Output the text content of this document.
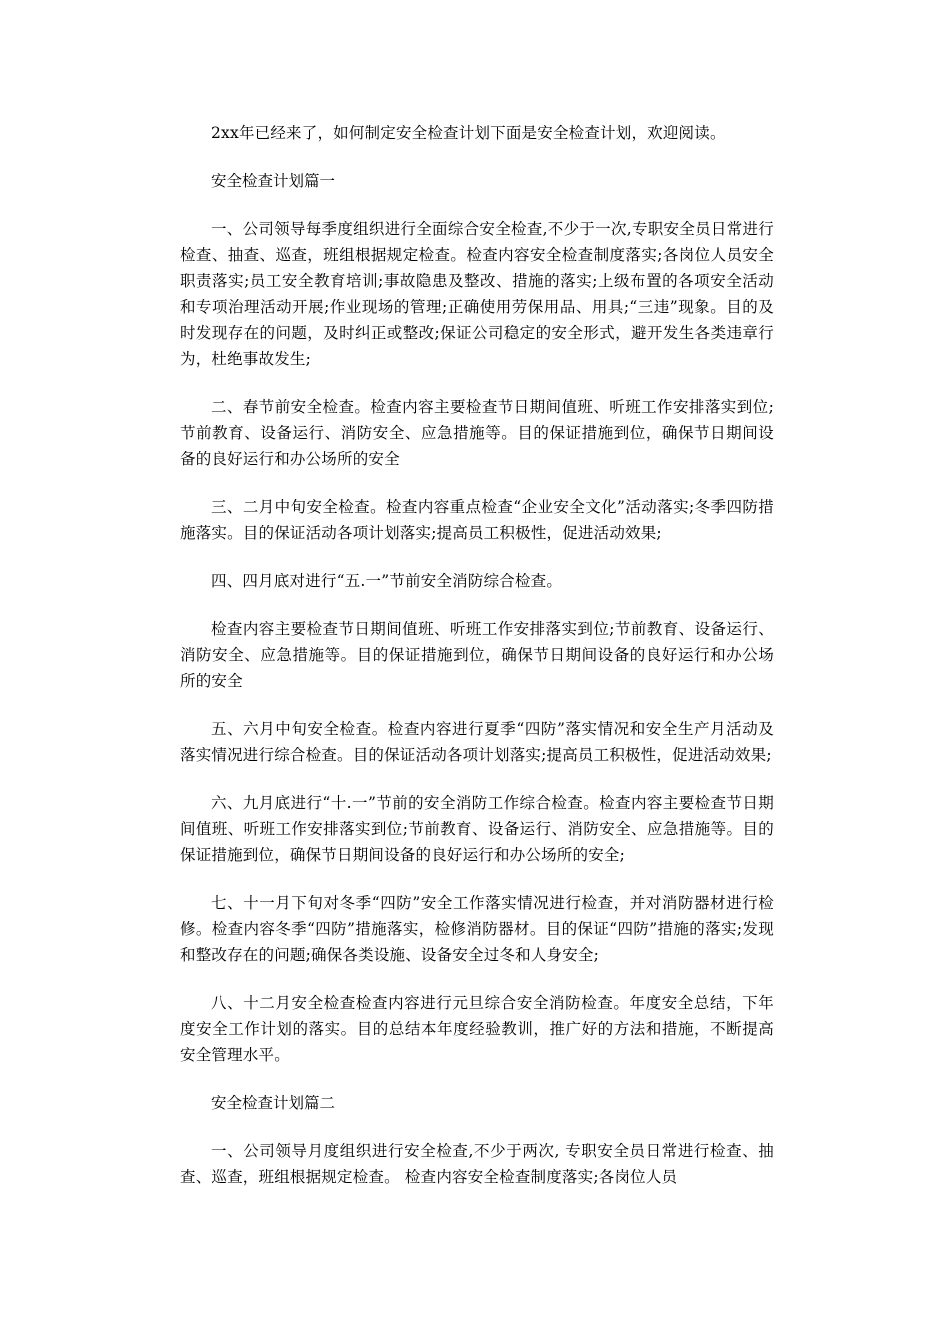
2xx年已经来了，如何制定安全检查计划下面是安全检查计划，欢迎阅读。

安全检查计划篇一

一、公司领导每季度组织进行全面综合安全检查,不少于一次,专职安全员日常进行检查、抽查、巡查，班组根据规定检查。检查内容安全检查制度落实;各岗位人员安全职责落实;员工安全教育培训;事故隐患及整改、措施的落实;上级布置的各项安全活动和专项治理活动开展;作业现场的管理;正确使用劳保用品、用具;“三违”现象。目的及时发现存在的问题，及时纠正或整改;保证公司稳定的安全形式，避开发生各类违章行为，杜绝事故发生;

二、春节前安全检查。检查内容主要检查节日期间值班、听班工作安排落实到位;节前教育、设备运行、消防安全、应急措施等。目的保证措施到位，确保节日期间设备的良好运行和办公场所的安全

三、二月中旬安全检查。检查内容重点检查“企业安全文化”活动落实;冬季四防措施落实。目的保证活动各项计划落实;提高员工积极性，促进活动效果;

四、四月底对进行“五.一”节前安全消防综合检查。

检查内容主要检查节日期间值班、听班工作安排落实到位;节前教育、设备运行、消防安全、应急措施等。目的保证措施到位，确保节日期间设备的良好运行和办公场所的安全

五、六月中旬安全检查。检查内容进行夏季“四防”落实情况和安全生产月活动及落实情况进行综合检查。目的保证活动各项计划落实;提高员工积极性，促进活动效果;

六、九月底进行“十.一”节前的安全消防工作综合检查。检查内容主要检查节日期间值班、听班工作安排落实到位;节前教育、设备运行、消防安全、应急措施等。目的保证措施到位，确保节日期间设备的良好运行和办公场所的安全;

七、十一月下旬对冬季“四防”安全工作落实情况进行检查，并对消防器材进行检修。检查内容冬季“四防”措施落实，检修消防器材。目的保证“四防”措施的落实;发现和整改存在的问题;确保各类设施、设备安全过冬和人身安全;

八、十二月安全检查检查内容进行元旦综合安全消防检查。年度安全总结，下年度安全工作计划的落实。目的总结本年度经验教训，推广好的方法和措施，不断提高安全管理水平。

安全检查计划篇二

一、公司领导月度组织进行安全检查,不少于两次, 专职安全员日常进行检查、抽查、巡查，班组根据规定检查。 检查内容安全检查制度落实;各岗位人员
